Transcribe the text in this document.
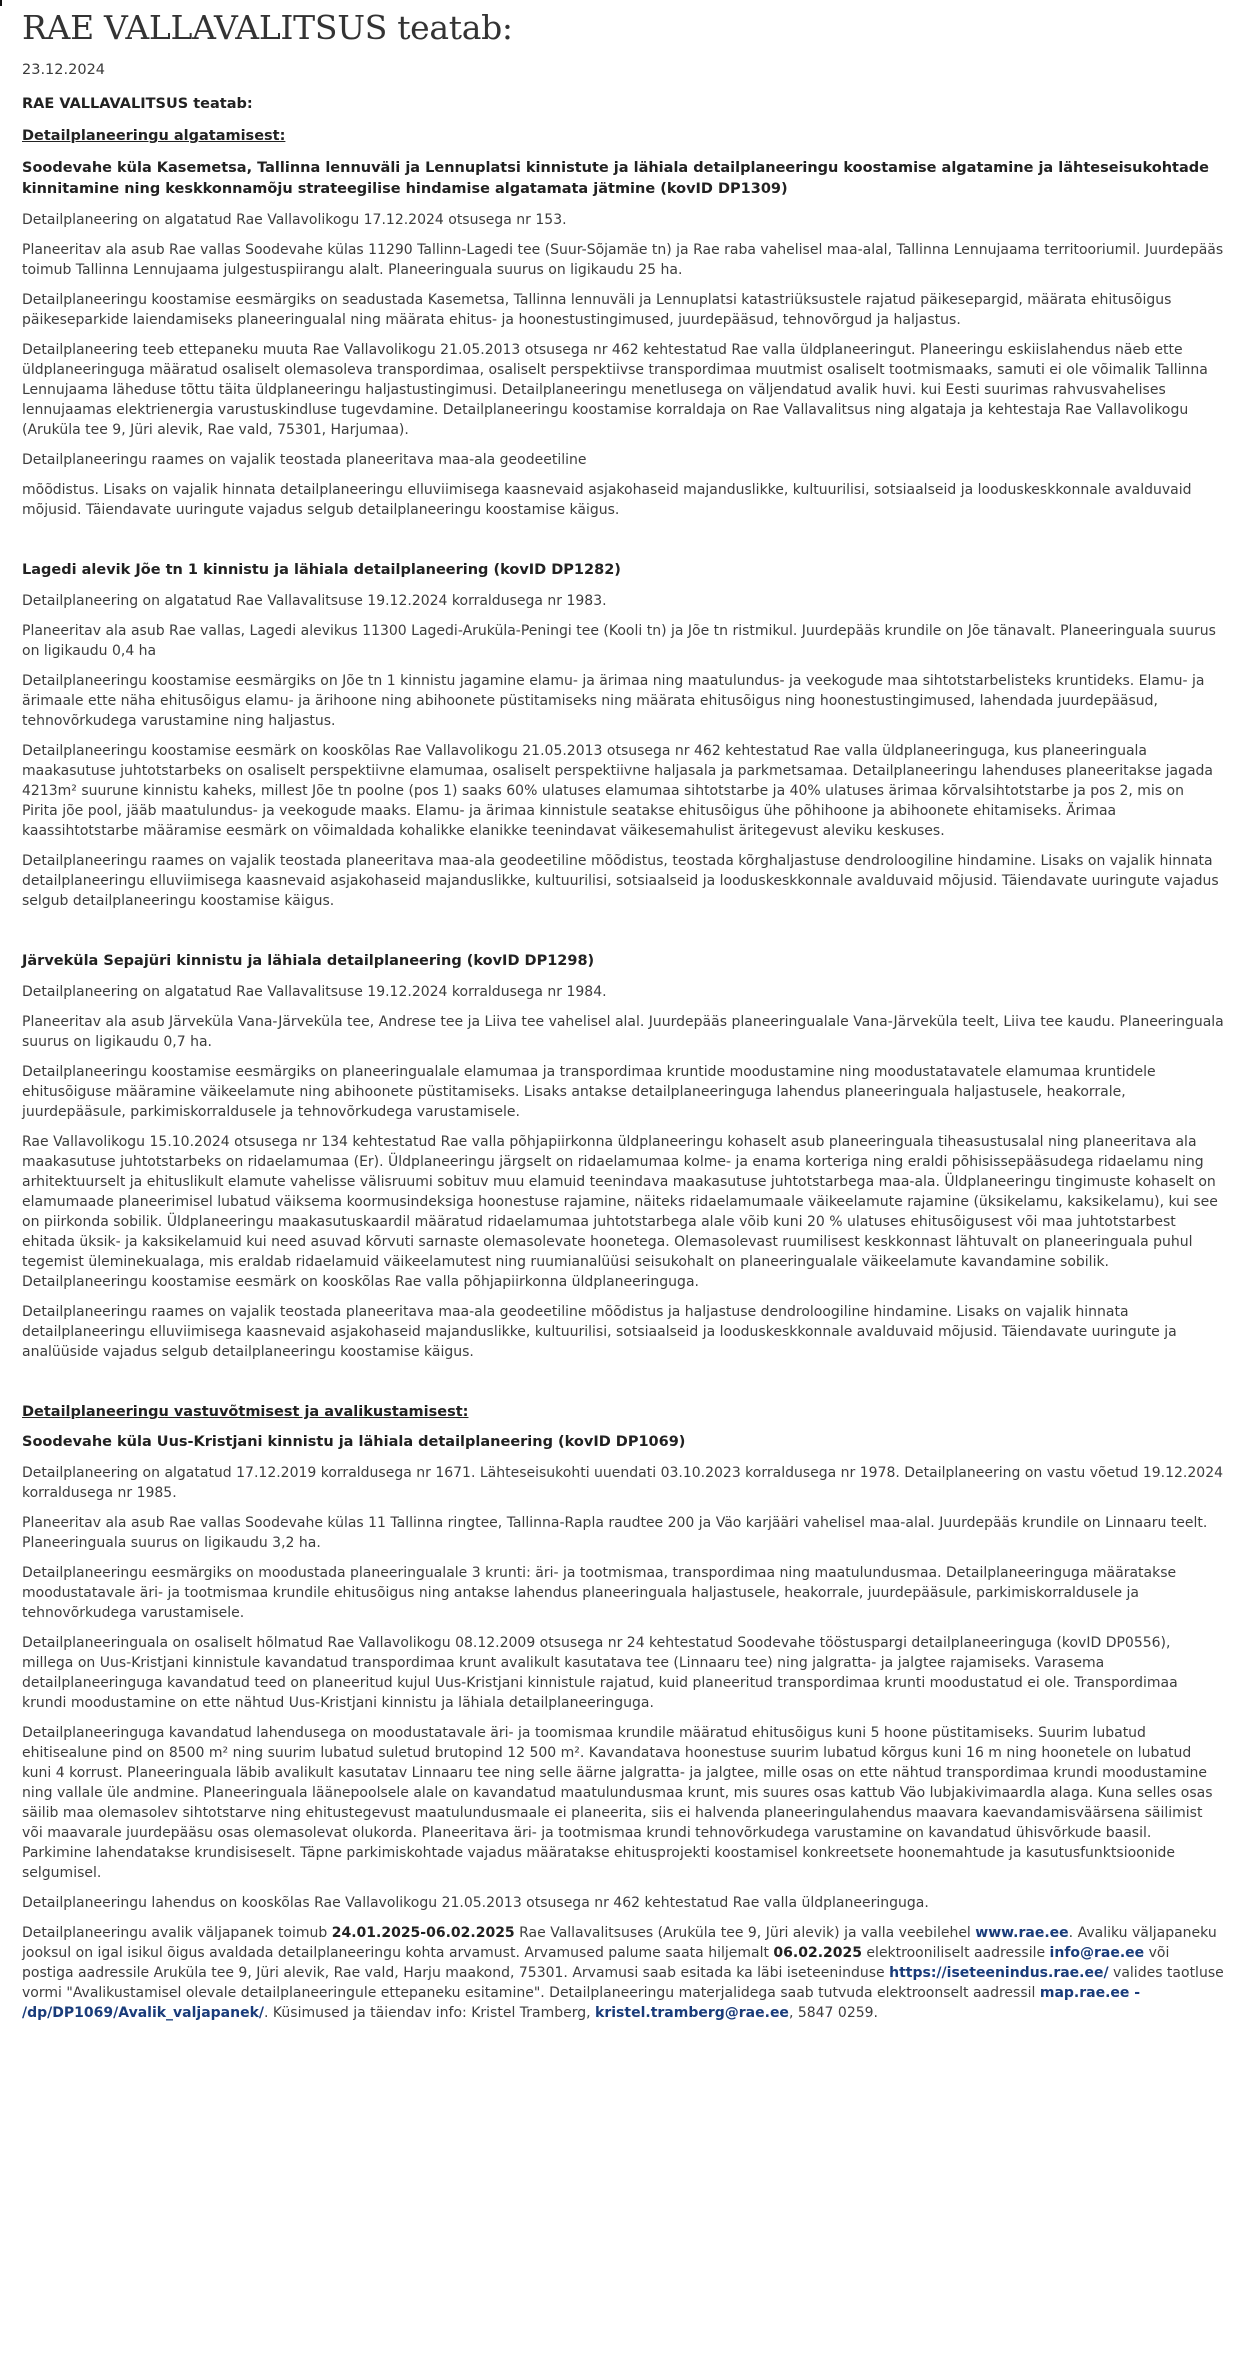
RAE VALLAVALITSUS teatab:
23.12.2024
RAE VALLAVALITSUS teatab:
Detailplaneeringu algatamisest:
Soodevahe küla Kasemetsa, Tallinna lennuväli ja Lennuplatsi kinnistute ja lähiala detailplaneeringu koostamise algatamine ja lähteseisukohtade kinnitamine ning keskkonnamõju strateegilise hindamise algatamata jätmine (kovID DP1309)

Detailplaneering on algatatud Rae Vallavolikogu 17.12.2024 otsusega nr 153.

Planeeritav ala asub Rae vallas Soodevahe külas 11290 Tallinn-Lagedi tee (Suur-Sõjamäe tn) ja Rae raba vahelisel maa-alal, Tallinna Lennujaama territooriumil. Juurdepääs toimub Tallinna Lennujaama julgestuspiirangu alalt. Planeeringuala suurus on ligikaudu 25 ha.

Detailplaneeringu koostamise eesmärgiks on seadustada Kasemetsa, Tallinna lennuväli ja Lennuplatsi katastriüksustele rajatud päikesepargid, määrata ehitusõigus päikeseparkide laiendamiseks planeeringualal ning määrata ehitus- ja hoonestustingimused, juurdepääsud, tehnovõrgud ja haljastus.

Detailplaneering teeb ettepaneku muuta Rae Vallavolikogu 21.05.2013 otsusega nr 462 kehtestatud Rae valla üldplaneeringut. Planeeringu eskiislahendus näeb ette üldplaneeringuga määratud osaliselt olemasoleva transpordimaa, osaliselt perspektiivse transpordimaa muutmist osaliselt tootmismaaks, samuti ei ole võimalik Tallinna Lennujaama läheduse tõttu täita üldplaneeringu haljastustingimusi. Detailplaneeringu menetlusega on väljendatud avalik huvi. kui Eesti suurimas rahvusvahelises lennujaamas elektrienergia varustuskindluse tugevdamine. Detailplaneeringu koostamise korraldaja on Rae Vallavalitsus ning algataja ja kehtestaja Rae Vallavolikogu (Aruküla tee 9, Jüri alevik, Rae vald, 75301, Harjumaa).

Detailplaneeringu raames on vajalik teostada planeeritava maa-ala geodeetiline

mõõdistus. Lisaks on vajalik hinnata detailplaneeringu elluviimisega kaasnevaid asjakohaseid majanduslikke, kultuurilisi, sotsiaalseid ja looduskeskkonnale avalduvaid mõjusid. Täiendavate uuringute vajadus selgub detailplaneeringu koostamise käigus.

Lagedi alevik Jõe tn 1 kinnistu ja lähiala detailplaneering (kovID DP1282)

Detailplaneering on algatatud Rae Vallavalitsuse 19.12.2024 korraldusega nr 1983.

Planeeritav ala asub Rae vallas, Lagedi alevikus 11300 Lagedi-Aruküla-Peningi tee (Kooli tn) ja Jõe tn ristmikul. Juurdepääs krundile on Jõe tänavalt. Planeeringuala suurus on ligikaudu 0,4 ha

Detailplaneeringu koostamise eesmärgiks on Jõe tn 1 kinnistu jagamine elamu- ja ärimaa ning maatulundus- ja veekogude maa sihtotstarbelisteks kruntideks. Elamu- ja ärimaale ette näha ehitusõigus elamu- ja ärihoone ning abihoonete püstitamiseks ning määrata ehitusõigus ning hoonestustingimused, lahendada juurdepääsud, tehnovõrkudega varustamine ning haljastus.

Detailplaneeringu koostamise eesmärk on kooskõlas Rae Vallavolikogu 21.05.2013 otsusega nr 462 kehtestatud Rae valla üldplaneeringuga, kus planeeringuala maakasutuse juhtotstarbeks on osaliselt perspektiivne elamumaa, osaliselt perspektiivne haljasala ja parkmetsamaa. Detailplaneeringu lahenduses planeeritakse jagada 4213m² suurune kinnistu kaheks, millest Jõe tn poolne (pos 1) saaks 60% ulatuses elamumaa sihtotstarbe ja 40% ulatuses ärimaa kõrvalsihtotstarbe ja pos 2, mis on Pirita jõe pool, jääb maatulundus- ja veekogude maaks. Elamu- ja ärimaa kinnistule seatakse ehitusõigus ühe põhihoone ja abihoonete ehitamiseks. Ärimaa kaassihtotstarbe määramise eesmärk on võimaldada kohalikke elanikke teenindavat väikesemahulist äritegevust aleviku keskuses.

Detailplaneeringu raames on vajalik teostada planeeritava maa-ala geodeetiline mõõdistus, teostada kõrghaljastuse dendroloogiline hindamine. Lisaks on vajalik hinnata detailplaneeringu elluviimisega kaasnevaid asjakohaseid majanduslikke, kultuurilisi, sotsiaalseid ja looduskeskkonnale avalduvaid mõjusid. Täiendavate uuringute vajadus selgub detailplaneeringu koostamise käigus.

Järveküla Sepajüri kinnistu ja lähiala detailplaneering (kovID DP1298)

Detailplaneering on algatatud Rae Vallavalitsuse 19.12.2024 korraldusega nr 1984.

Planeeritav ala asub Järveküla Vana-Järveküla tee, Andrese tee ja Liiva tee vahelisel alal. Juurdepääs planeeringualale Vana-Järveküla teelt, Liiva tee kaudu. Planeeringuala suurus on ligikaudu 0,7 ha.

Detailplaneeringu koostamise eesmärgiks on planeeringualale elamumaa ja transpordimaa kruntide moodustamine ning moodustatavatele elamumaa kruntidele ehitusõiguse määramine väikeelamute ning abihoonete püstitamiseks. Lisaks antakse detailplaneeringuga lahendus planeeringuala haljastusele, heakorrale, juurdepääsule, parkimiskorraldusele ja tehnovõrkudega varustamisele.

Rae Vallavolikogu 15.10.2024 otsusega nr 134 kehtestatud Rae valla põhjapiirkonna üldplaneeringu kohaselt asub planeeringuala tiheasustusalal ning planeeritava ala maakasutuse juhtotstarbeks on ridaelamumaa (Er). Üldplaneeringu järgselt on ridaelamumaa kolme- ja enama korteriga ning eraldi põhisissepääsudega ridaelamu ning arhitektuurselt ja ehituslikult elamute vahelisse välisruumi sobituv muu elamuid teenindava maakasutuse juhtotstarbega maa-ala. Üldplaneeringu tingimuste kohaselt on elamumaade planeerimisel lubatud väiksema koormusindeksiga hoonestuse rajamine, näiteks ridaelamumaale väikeelamute rajamine (üksikelamu, kaksikelamu), kui see on piirkonda sobilik. Üldplaneeringu maakasutuskaardil määratud ridaelamumaa juhtotstarbega alale võib kuni 20 % ulatuses ehitusõigusest või maa juhtotstarbest ehitada üksik- ja kaksikelamuid kui need asuvad kõrvuti sarnaste olemasolevate hoonetega. Olemasolevast ruumilisest keskkonnast lähtuvalt on planeeringuala puhul tegemist üleminekualaga, mis eraldab ridaelamuid väikeelamutest ning ruumianalüüsi seisukohalt on planeeringualale väikeelamute kavandamine sobilik. Detailplaneeringu koostamise eesmärk on kooskõlas Rae valla põhjapiirkonna üldplaneeringuga.

Detailplaneeringu raames on vajalik teostada planeeritava maa-ala geodeetiline mõõdistus ja haljastuse dendroloogiline hindamine. Lisaks on vajalik hinnata detailplaneeringu elluviimisega kaasnevaid asjakohaseid majanduslikke, kultuurilisi, sotsiaalseid ja looduskeskkonnale avalduvaid mõjusid. Täiendavate uuringute ja analüüside vajadus selgub detailplaneeringu koostamise käigus.

Detailplaneeringu vastuvõtmisest ja avalikustamisest:
Soodevahe küla Uus-Kristjani kinnistu ja lähiala detailplaneering (kovID DP1069)

Detailplaneering on algatatud 17.12.2019 korraldusega nr 1671. Lähteseisukohti uuendati 03.10.2023 korraldusega nr 1978. Detailplaneering on vastu võetud 19.12.2024 korraldusega nr 1985.

Planeeritav ala asub Rae vallas Soodevahe külas 11 Tallinna ringtee, Tallinna-Rapla raudtee 200 ja Väo karjääri vahelisel maa-alal. Juurdepääs krundile on Linnaaru teelt. Planeeringuala suurus on ligikaudu 3,2 ha.

Detailplaneeringu eesmärgiks on moodustada planeeringualale 3 krunti: äri- ja tootmismaa, transpordimaa ning maatulundusmaa. Detailplaneeringuga määratakse moodustatavale äri- ja tootmismaa krundile ehitusõigus ning antakse lahendus planeeringuala haljastusele, heakorrale, juurdepääsule, parkimiskorraldusele ja tehnovõrkudega varustamisele.

Detailplaneeringuala on osaliselt hõlmatud Rae Vallavolikogu 08.12.2009 otsusega nr 24 kehtestatud Soodevahe tööstuspargi detailplaneeringuga (kovID DP0556), millega on Uus-Kristjani kinnistule kavandatud transpordimaa krunt avalikult kasutatava tee (Linnaaru tee) ning jalgratta- ja jalgtee rajamiseks. Varasema detailplaneeringuga kavandatud teed on planeeritud kujul Uus-Kristjani kinnistule rajatud, kuid planeeritud transpordimaa krunti moodustatud ei ole. Transpordimaa krundi moodustamine on ette nähtud Uus-Kristjani kinnistu ja lähiala detailplaneeringuga.

Detailplaneeringuga kavandatud lahendusega on moodustatavale äri- ja toomismaa krundile määratud ehitusõigus kuni 5 hoone püstitamiseks. Suurim lubatud ehitisealune pind on 8500 m² ning suurim lubatud suletud brutopind 12 500 m². Kavandatava hoonestuse suurim lubatud kõrgus kuni 16 m ning hoonetele on lubatud kuni 4 korrust. Planeeringuala läbib avalikult kasutatav Linnaaru tee ning selle äärne jalgratta- ja jalgtee, mille osas on ette nähtud transpordimaa krundi moodustamine ning vallale üle andmine. Planeeringuala läänepoolsele alale on kavandatud maatulundusmaa krunt, mis suures osas kattub Väo lubjakivimaardla alaga. Kuna selles osas säilib maa olemasolev sihtotstarve ning ehitustegevust maatulundusmaale ei planeerita, siis ei halvenda planeeringulahendus maavara kaevandamisväärsena säilimist või maavarale juurdepääsu osas olemasolevat olukorda. Planeeritava äri- ja tootmismaa krundi tehnovõrkudega varustamine on kavandatud ühisvõrkude baasil. Parkimine lahendatakse krundisiseselt. Täpne parkimiskohtade vajadus määratakse ehitusprojekti koostamisel konkreetsete hoonemahtude ja kasutusfunktsioonide selgumisel.

Detailplaneeringu lahendus on kooskõlas Rae Vallavolikogu 21.05.2013 otsusega nr 462 kehtestatud Rae valla üldplaneeringuga.

Detailplaneeringu avalik väljapanek toimub 24.01.2025-06.02.2025 Rae Vallavalitsuses (Aruküla tee 9, Jüri alevik) ja valla veebilehel www.rae.ee. Avaliku väljapaneku jooksul on igal isikul õigus avaldada detailplaneeringu kohta arvamust. Arvamused palume saata hiljemalt 06.02.2025 elektrooniliselt aadressile info@rae.ee või postiga aadressile Aruküla tee 9, Jüri alevik, Rae vald, Harju maakond, 75301. Arvamusi saab esitada ka läbi iseteeninduse https://iseteenindus.rae.ee/ valides taotluse vormi "Avalikustamisel olevale detailplaneeringule ettepaneku esitamine". Detailplaneeringu materjalidega saab tutvuda elektroonselt aadressil map.rae.ee - /dp/DP1069/Avalik_valjapanek/. Küsimused ja täiendav info: Kristel Tramberg, kristel.tramberg@rae.ee, 5847 0259.
